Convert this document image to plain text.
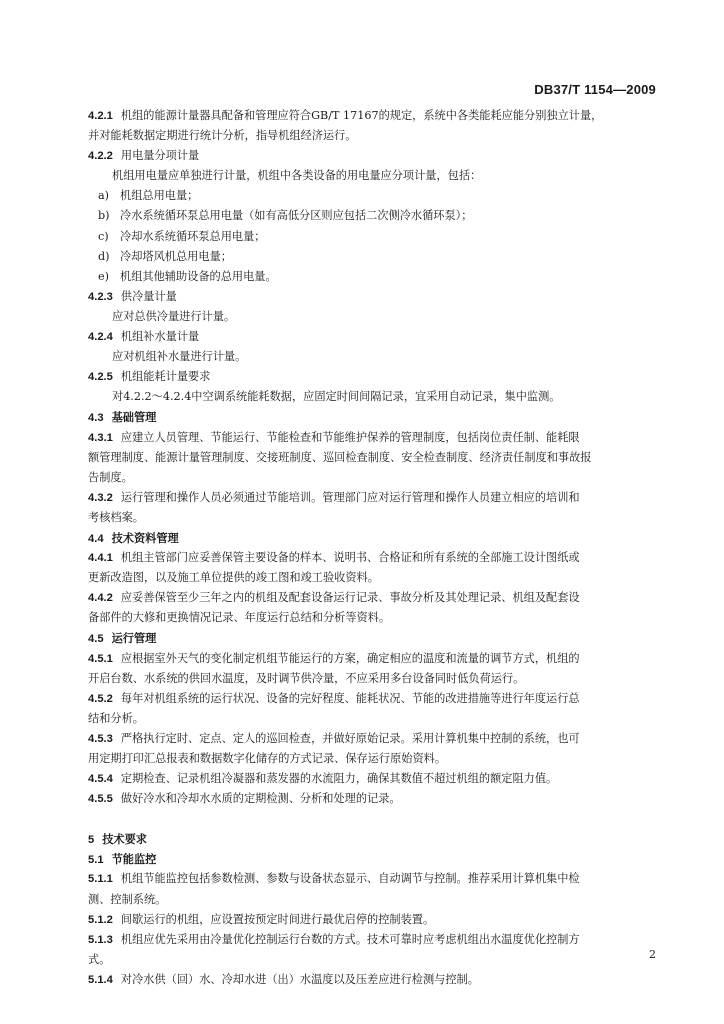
DB37/T 1154—2009
4.2.1 机组的能源计量器具配备和管理应符合GB/T 17167的规定，系统中各类能耗应能分别独立计量，
并对能耗数据定期进行统计分析，指导机组经济运行。
4.2.2 用电量分项计量
机组用电量应单独进行计量，机组中各类设备的用电量应分项计量，包括：
a) 机组总用电量；
b) 冷水系统循环泵总用电量（如有高低分区则应包括二次侧冷水循环泵）；
c) 冷却水系统循环泵总用电量；
d) 冷却塔风机总用电量；
e) 机组其他辅助设备的总用电量。
4.2.3 供冷量计量
应对总供冷量进行计量。
4.2.4 机组补水量计量
应对机组补水量进行计量。
4.2.5 机组能耗计量要求
对4.2.2～4.2.4中空调系统能耗数据，应固定时间间隔记录，宜采用自动记录，集中监测。
4.3 基础管理
4.3.1 应建立人员管理、节能运行、节能检查和节能维护保养的管理制度，包括岗位责任制、能耗限
额管理制度、能源计量管理制度、交接班制度、巡回检查制度、安全检查制度、经济责任制度和事故报
告制度。
4.3.2 运行管理和操作人员必须通过节能培训。管理部门应对运行管理和操作人员建立相应的培训和
考核档案。
4.4 技术资料管理
4.4.1 机组主管部门应妥善保管主要设备的样本、说明书、合格证和所有系统的全部施工设计图纸或
更新改造图，以及施工单位提供的竣工图和竣工验收资料。
4.4.2 应妥善保管至少三年之内的机组及配套设备运行记录、事故分析及其处理记录、机组及配套设
备部件的大修和更换情况记录、年度运行总结和分析等资料。
4.5 运行管理
4.5.1 应根据室外天气的变化制定机组节能运行的方案，确定相应的温度和流量的调节方式，机组的
开启台数、水系统的供回水温度，及时调节供冷量，不应采用多台设备同时低负荷运行。
4.5.2 每年对机组系统的运行状况、设备的完好程度、能耗状况、节能的改进措施等进行年度运行总
结和分析。
4.5.3 严格执行定时、定点、定人的巡回检查，并做好原始记录。采用计算机集中控制的系统，也可
用定期打印汇总报表和数据数字化储存的方式记录、保存运行原始资料。
4.5.4 定期检查、记录机组冷凝器和蒸发器的水流阻力，确保其数值不超过机组的额定阻力值。
4.5.5 做好冷水和冷却水水质的定期检测、分析和处理的记录。
5 技术要求
5.1 节能监控
5.1.1 机组节能监控包括参数检测、参数与设备状态显示、自动调节与控制。推荐采用计算机集中检
测、控制系统。
5.1.2 间歇运行的机组，应设置按预定时间进行最优启停的控制装置。
5.1.3 机组应优先采用由冷量优化控制运行台数的方式。技术可靠时应考虑机组出水温度优化控制方
式。
5.1.4 对冷水供（回）水、冷却水进（出）水温度以及压差应进行检测与控制。
2
